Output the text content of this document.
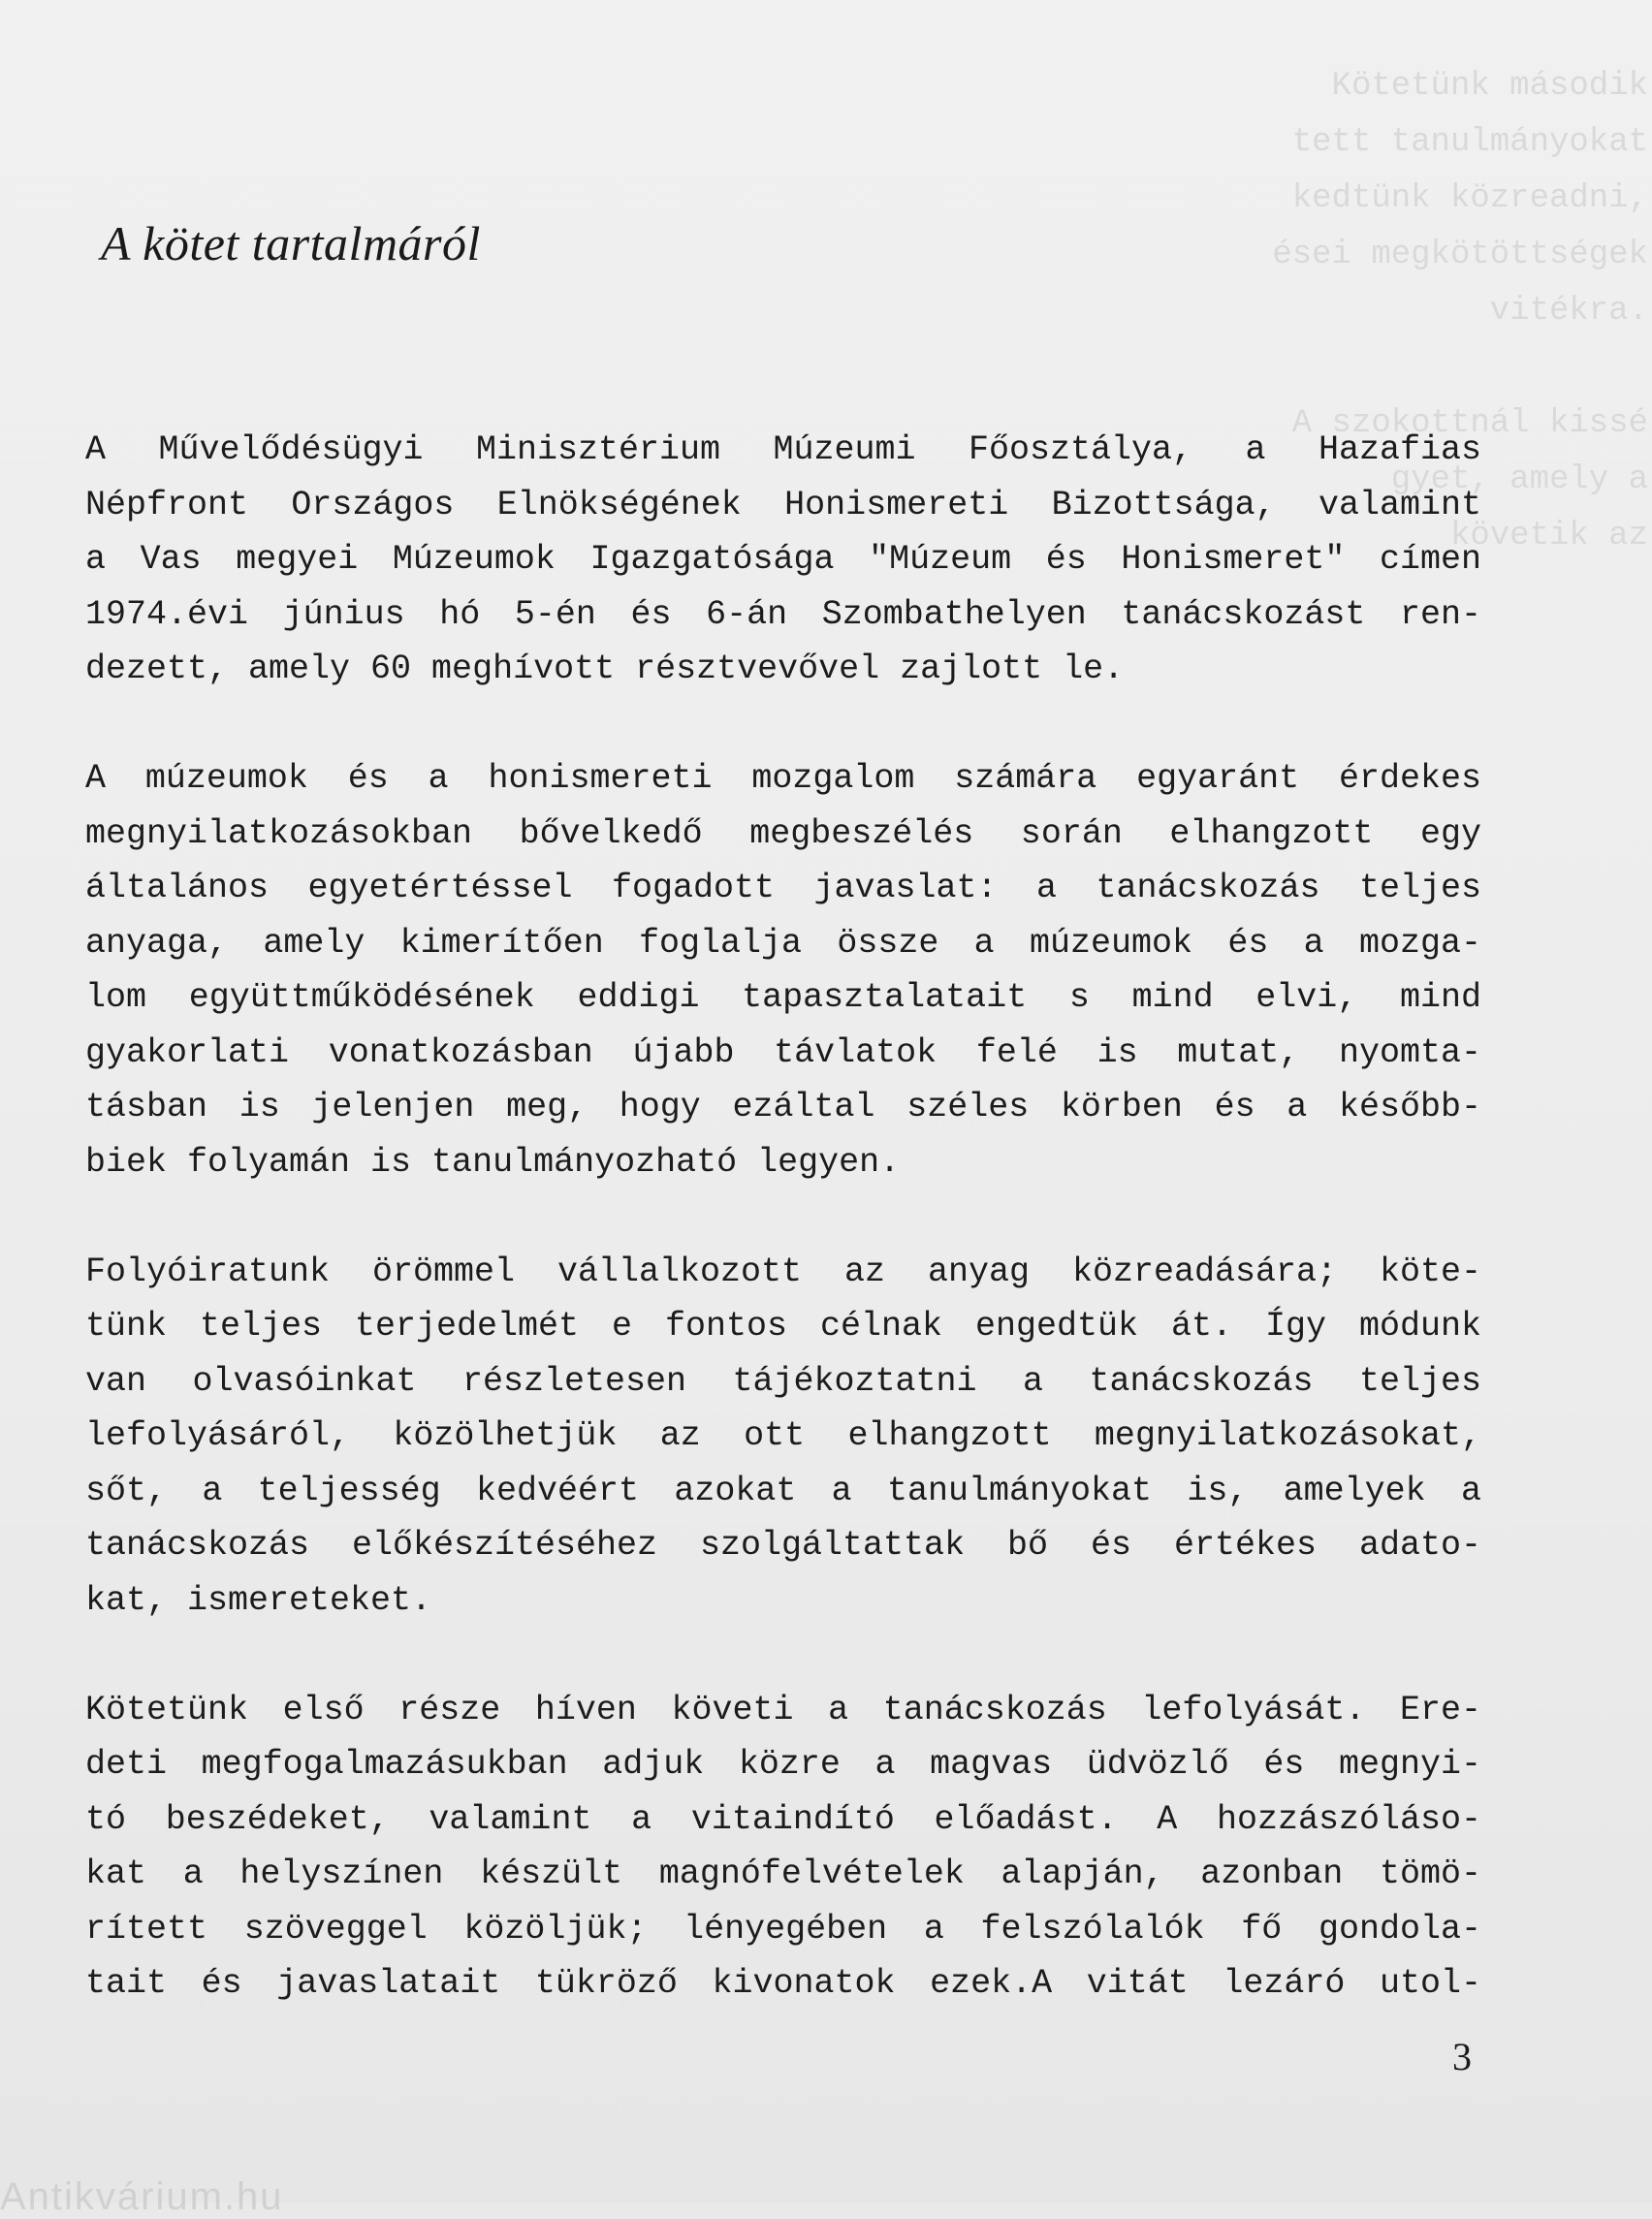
Kötetünk második
tett tanulmányokat
kedtünk közreadni,
ései megkötöttségek
vitékra.

A szokottnál kissé
gyet, amely a
követik az

A kötet tartalmáról

A Művelődésügyi Minisztérium Múzeumi Főosztálya, a Hazafias
Népfront Országos Elnökségének Honismereti Bizottsága, valamint
a Vas megyei Múzeumok Igazgatósága "Múzeum és Honismeret" címen
1974.évi június hó 5-én és 6-án Szombathelyen tanácskozást ren-
dezett, amely 60 meghívott résztvevővel zajlott le.

A múzeumok és a honismereti mozgalom számára egyaránt érdekes
megnyilatkozásokban bővelkedő megbeszélés során elhangzott egy
általános egyetértéssel fogadott javaslat: a tanácskozás teljes
anyaga, amely kimerítően foglalja össze a múzeumok és a mozga-
lom együttműködésének eddigi tapasztalatait s mind elvi, mind
gyakorlati vonatkozásban újabb távlatok felé is mutat, nyomta-
tásban is jelenjen meg, hogy ezáltal széles körben és a később-
biek folyamán is tanulmányozható legyen.

Folyóiratunk örömmel vállalkozott az anyag közreadására; köte-
tünk teljes terjedelmét e fontos célnak engedtük át. Így módunk
van olvasóinkat részletesen tájékoztatni a tanácskozás teljes
lefolyásáról, közölhetjük az ott elhangzott megnyilatkozásokat,
sőt, a teljesség kedvéért azokat a tanulmányokat is, amelyek a
tanácskozás előkészítéséhez szolgáltattak bő és értékes adato-
kat, ismereteket.

Kötetünk első része híven követi a tanácskozás lefolyását. Ere-
deti megfogalmazásukban adjuk közre a magvas üdvözlő és megnyi-
tó beszédeket, valamint a vitaindító előadást. A hozzászóláso-
kat a helyszínen készült magnófelvételek alapján, azonban tömö-
rített szöveggel közöljük; lényegében a felszólalók fő gondola-
tait és javaslatait tükröző kivonatok ezek.A vitát lezáró utol-

3
Antikvárium.hu
